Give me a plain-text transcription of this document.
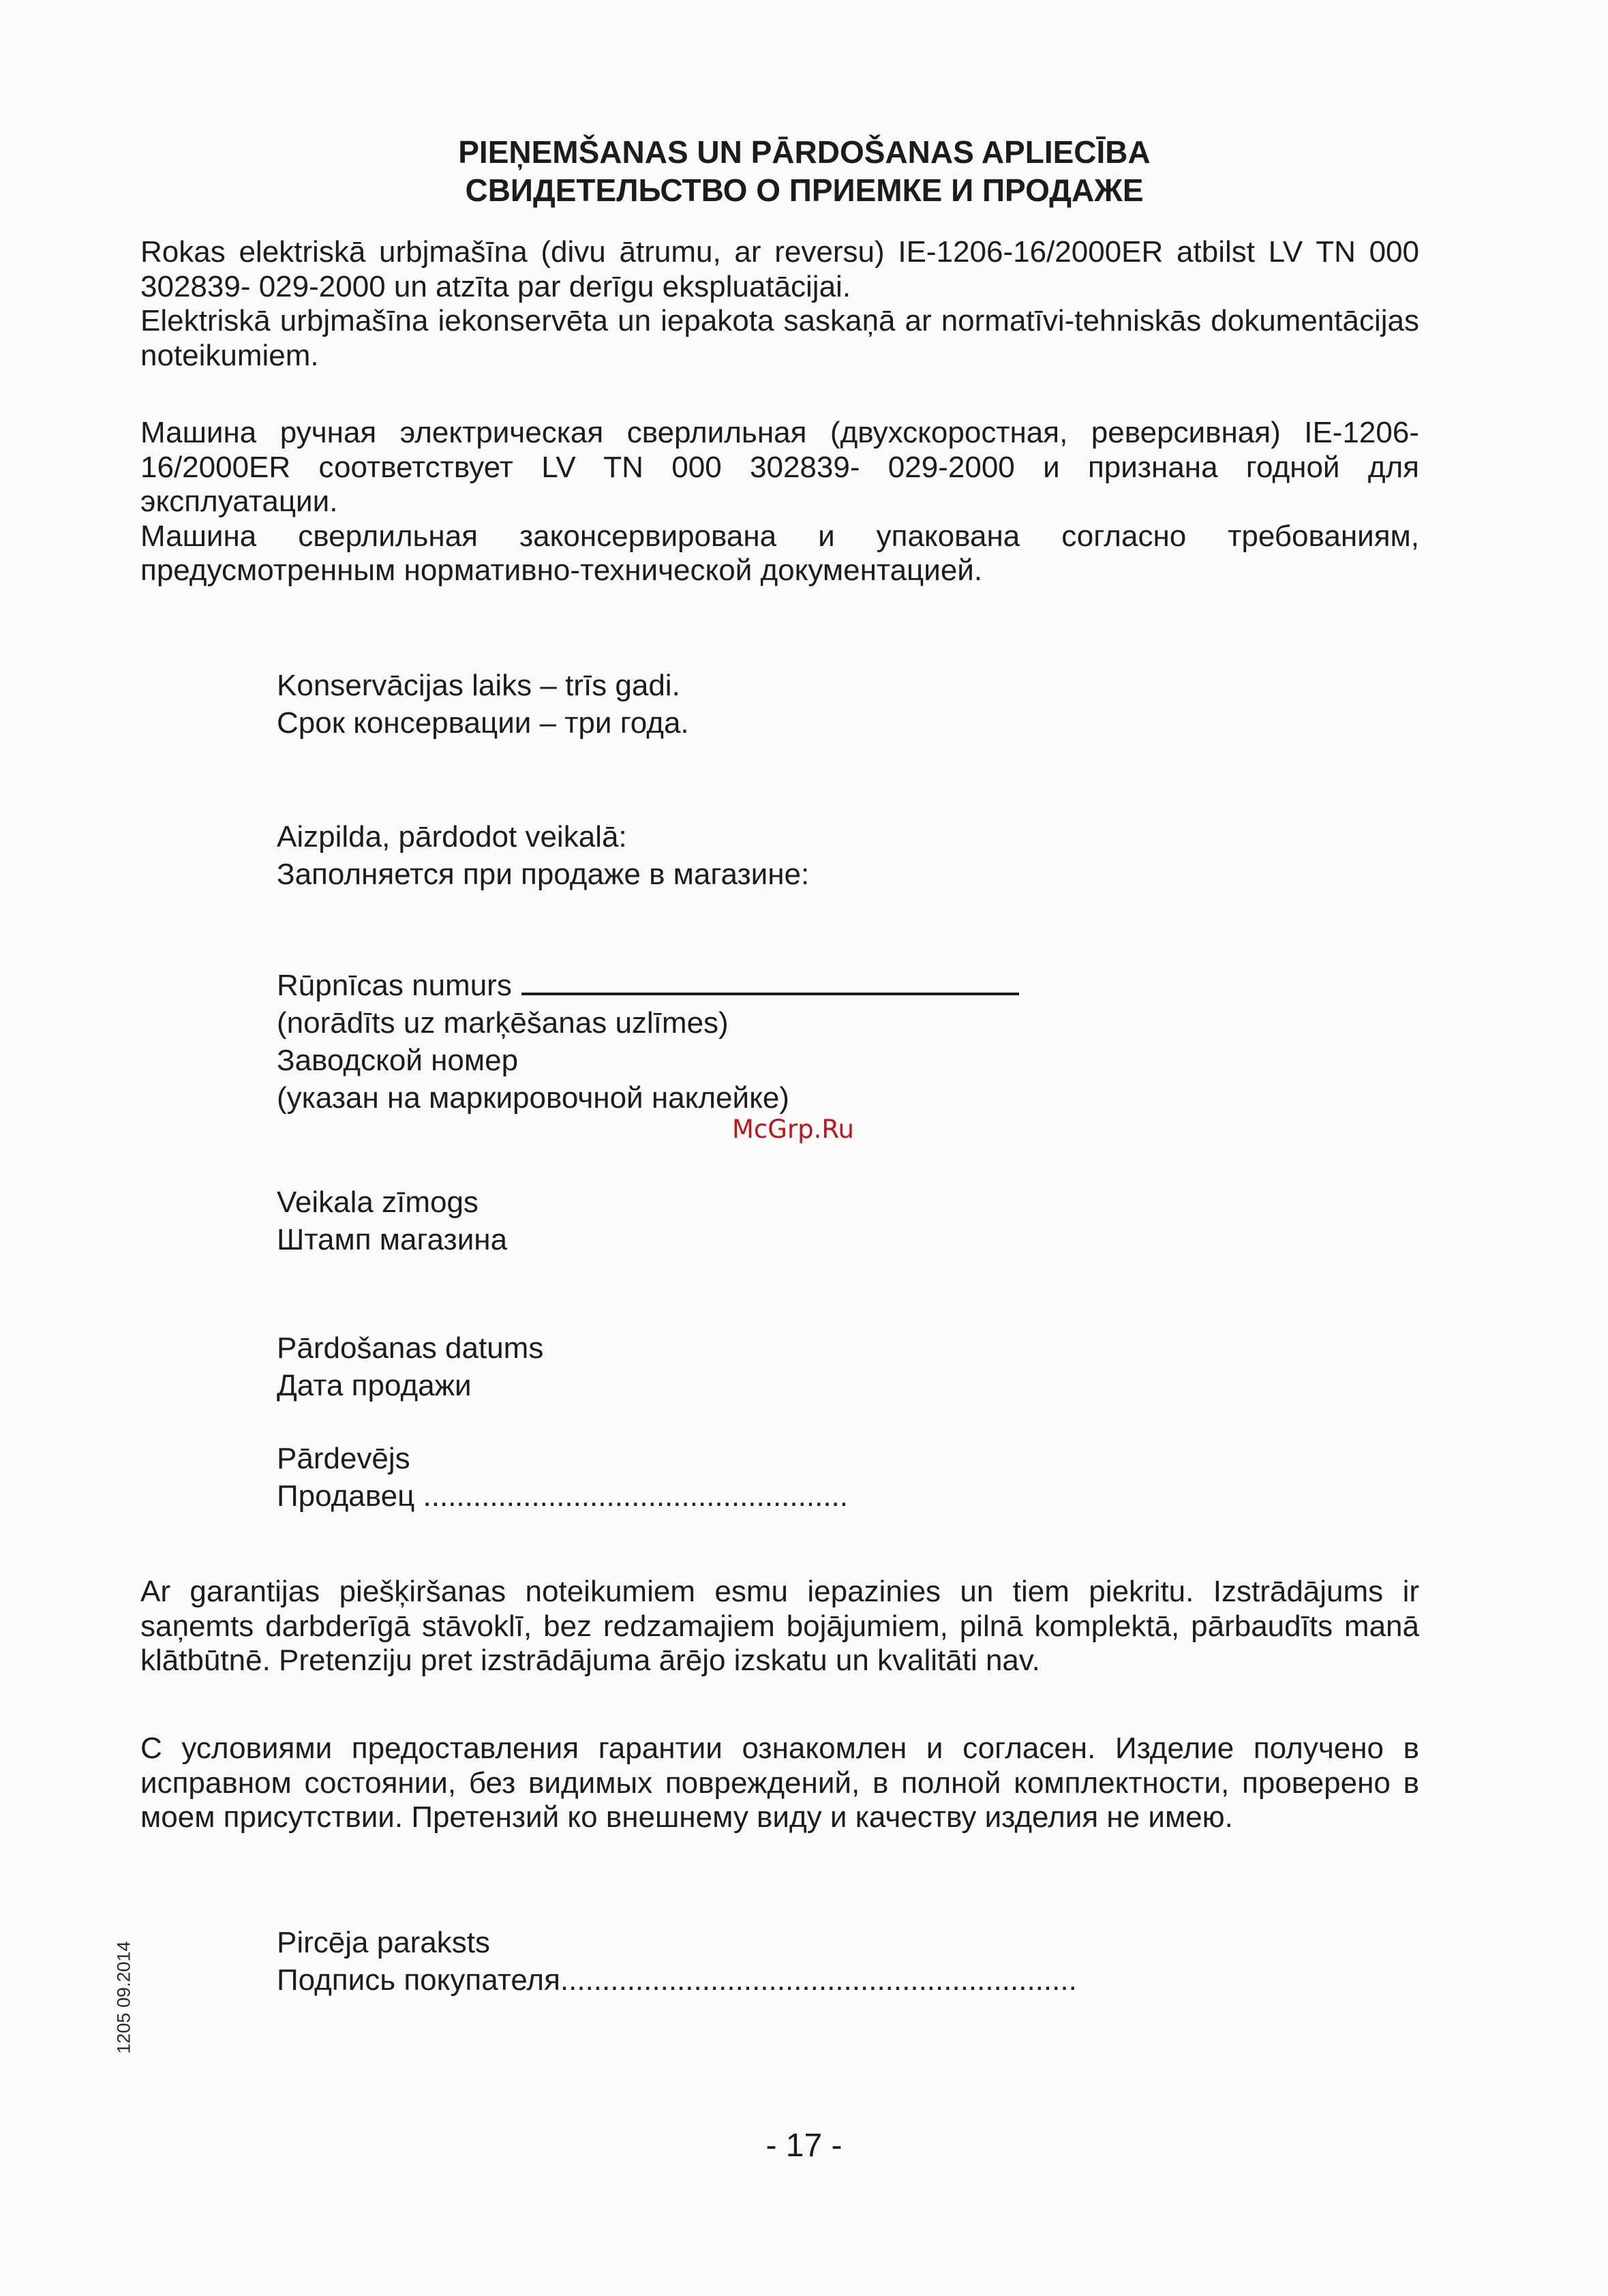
PIEŅEMŠANAS UN PĀRDOŠANAS APLIECĪBA
СВИДЕТЕЛЬСТВО О ПРИЕМКЕ И ПРОДАЖЕ

Rokas elektriskā urbjmašīna (divu ātrumu, ar reversu) IE-1206-16/2000ER atbilst LV TN 000 302839- 029-2000 un atzīta par derīgu ekspluatācijai.

Elektriskā urbjmašīna iekonservēta un iepakota saskaņā ar normatīvi-tehniskās dokumentācijas noteikumiem.

Машина ручная электрическая сверлильная (двухскоростная, реверсивная) IE-1206-16/2000ER соответствует LV TN 000 302839- 029-2000 и признана годной для эксплуатации.

Машина сверлильная законсервирована и упакована согласно требованиям, предусмотренным нормативно-технической документацией.

Konservācijas laiks – trīs gadi.
Срок консервации – три года.
Aizpilda, pārdodot veikalā:
Заполняется при продаже в магазине:
Rūpnīcas numurs
(norādīts uz marķēšanas uzlīmes)
Заводской номер
(указан на маркировочной наклейке)
McGrp.Ru
Veikala zīmogs
Штамп магазина
Pārdošanas datums
Дата продажи
Pārdevējs
Продавец ...................................................

Ar garantijas piešķiršanas noteikumiem esmu iepazinies un tiem piekritu. Izstrādājums ir saņemts darbderīgā stāvoklī, bez redzamajiem bojājumiem, pilnā komplektā, pārbaudīts manā klātbūtnē. Pretenziju pret izstrādājuma ārējo izskatu un kvalitāti nav.

С условиями предоставления гарантии ознакомлен и согласен. Изделие получено в исправном состоянии, без видимых повреждений, в полной комплектности, проверено в моем присутствии. Претензий ко внешнему виду и качеству изделия не имею.

Pircēja paraksts
Подпись покупателя..............................................................
1205 09.2014
- 17 -
